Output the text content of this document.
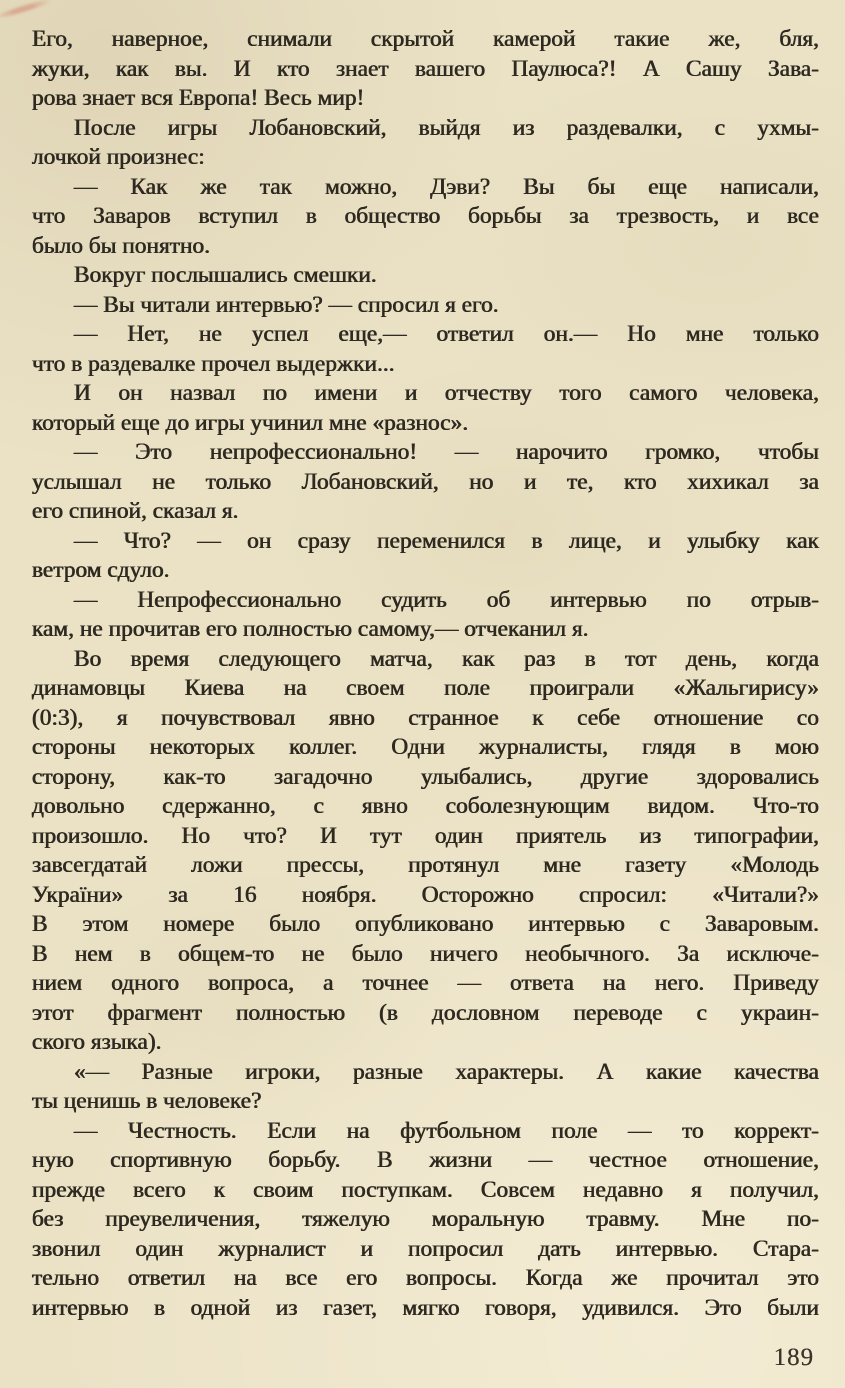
Его, наверное, снимали скрытой камерой такие же, бля,
жуки, как вы. И кто знает вашего Паулюса?! А Сашу Зава-
рова знает вся Европа! Весь мир!
После игры Лобановский, выйдя из раздевалки, с ухмы-
лочкой произнес:
— Как же так можно, Дэви? Вы бы еще написали,
что Заваров вступил в общество борьбы за трезвость, и все
было бы понятно.
Вокруг послышались смешки.
— Вы читали интервью? — спросил я его.
— Нет, не успел еще,— ответил он.— Но мне только
что в раздевалке прочел выдержки...
И он назвал по имени и отчеству того самого человека,
который еще до игры учинил мне «разнос».
— Это непрофессионально! — нарочито громко, чтобы
услышал не только Лобановский, но и те, кто хихикал за
его спиной, сказал я.
— Что? — он сразу переменился в лице, и улыбку как
ветром сдуло.
— Непрофессионально судить об интервью по отрыв-
кам, не прочитав его полностью самому,— отчеканил я.
Во время следующего матча, как раз в тот день, когда
динамовцы Киева на своем поле проиграли «Жальгирису»
(0:3), я почувствовал явно странное к себе отношение со
стороны некоторых коллег. Одни журналисты, глядя в мою
сторону, как-то загадочно улыбались, другие здоровались
довольно сдержанно, с явно соболезнующим видом. Что-то
произошло. Но что? И тут один приятель из типографии,
завсегдатай ложи прессы, протянул мне газету «Молодь
України» за 16 ноября. Осторожно спросил: «Читали?»
В этом номере было опубликовано интервью с Заваровым.
В нем в общем-то не было ничего необычного. За исключе-
нием одного вопроса, а точнее — ответа на него. Приведу
этот фрагмент полностью (в дословном переводе с украин-
ского языка).
«— Разные игроки, разные характеры. А какие качества
ты ценишь в человеке?
— Честность. Если на футбольном поле — то коррект-
ную спортивную борьбу. В жизни — честное отношение,
прежде всего к своим поступкам. Совсем недавно я получил,
без преувеличения, тяжелую моральную травму. Мне по-
звонил один журналист и попросил дать интервью. Стара-
тельно ответил на все его вопросы. Когда же прочитал это
интервью в одной из газет, мягко говоря, удивился. Это были
189
